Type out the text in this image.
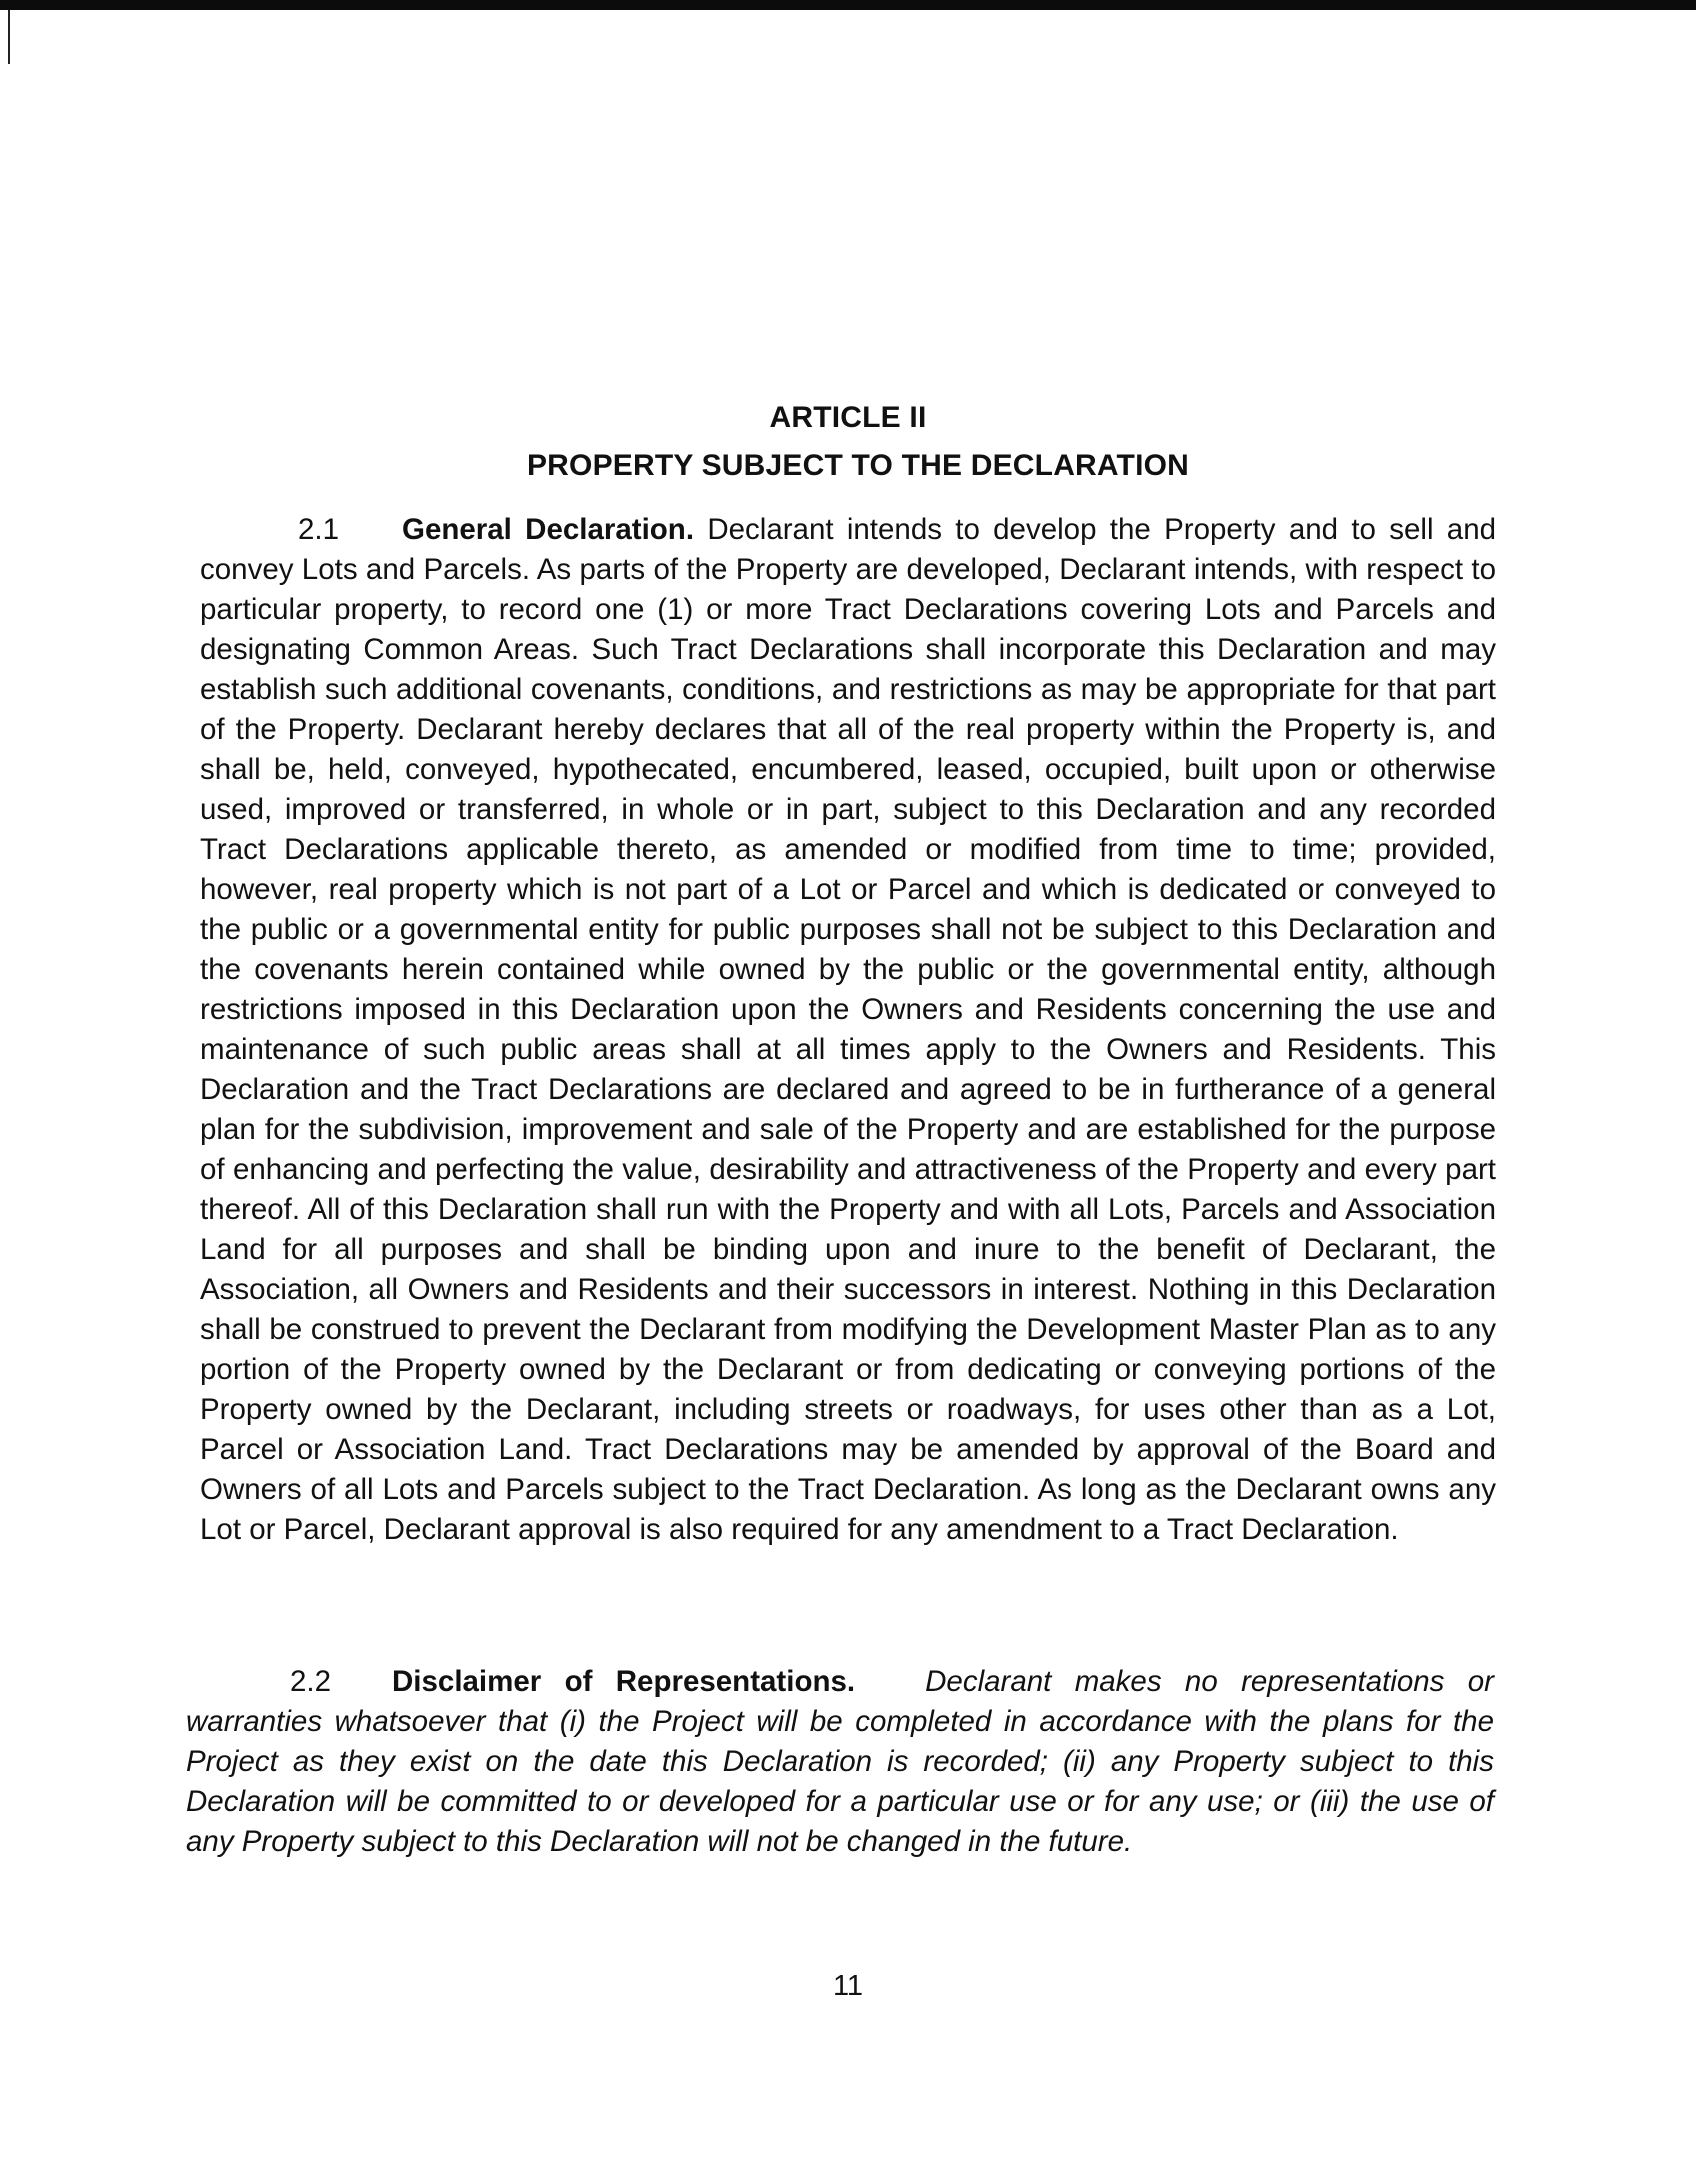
ARTICLE II
PROPERTY SUBJECT TO THE DECLARATION

2.1 General Declaration. Declarant intends to develop the Property and to sell and convey Lots and Parcels. As parts of the Property are developed, Declarant intends, with respect to particular property, to record one (1) or more Tract Declarations covering Lots and Parcels and designating Common Areas. Such Tract Declarations shall incorporate this Declaration and may establish such additional covenants, conditions, and restrictions as may be appropriate for that part of the Property. Declarant hereby declares that all of the real property within the Property is, and shall be, held, conveyed, hypothecated, encumbered, leased, occupied, built upon or otherwise used, improved or transferred, in whole or in part, subject to this Declaration and any recorded Tract Declarations applicable thereto, as amended or modified from time to time; provided, however, real property which is not part of a Lot or Parcel and which is dedicated or conveyed to the public or a governmental entity for public purposes shall not be subject to this Declaration and the covenants herein contained while owned by the public or the governmental entity, although restrictions imposed in this Declaration upon the Owners and Residents concerning the use and maintenance of such public areas shall at all times apply to the Owners and Residents. This Declaration and the Tract Declarations are declared and agreed to be in furtherance of a general plan for the subdivision, improvement and sale of the Property and are established for the purpose of enhancing and perfecting the value, desirability and attractiveness of the Property and every part thereof. All of this Declaration shall run with the Property and with all Lots, Parcels and Association Land for all purposes and shall be binding upon and inure to the benefit of Declarant, the Association, all Owners and Residents and their successors in interest. Nothing in this Declaration shall be construed to prevent the Declarant from modifying the Development Master Plan as to any portion of the Property owned by the Declarant or from dedicating or conveying portions of the Property owned by the Declarant, including streets or roadways, for uses other than as a Lot, Parcel or Association Land. Tract Declarations may be amended by approval of the Board and Owners of all Lots and Parcels subject to the Tract Declaration. As long as the Declarant owns any Lot or Parcel, Declarant approval is also required for any amendment to a Tract Declaration.

2.2 Disclaimer of Representations. Declarant makes no representations or warranties whatsoever that (i) the Project will be completed in accordance with the plans for the Project as they exist on the date this Declaration is recorded; (ii) any Property subject to this Declaration will be committed to or developed for a particular use or for any use; or (iii) the use of any Property subject to this Declaration will not be changed in the future.

11
